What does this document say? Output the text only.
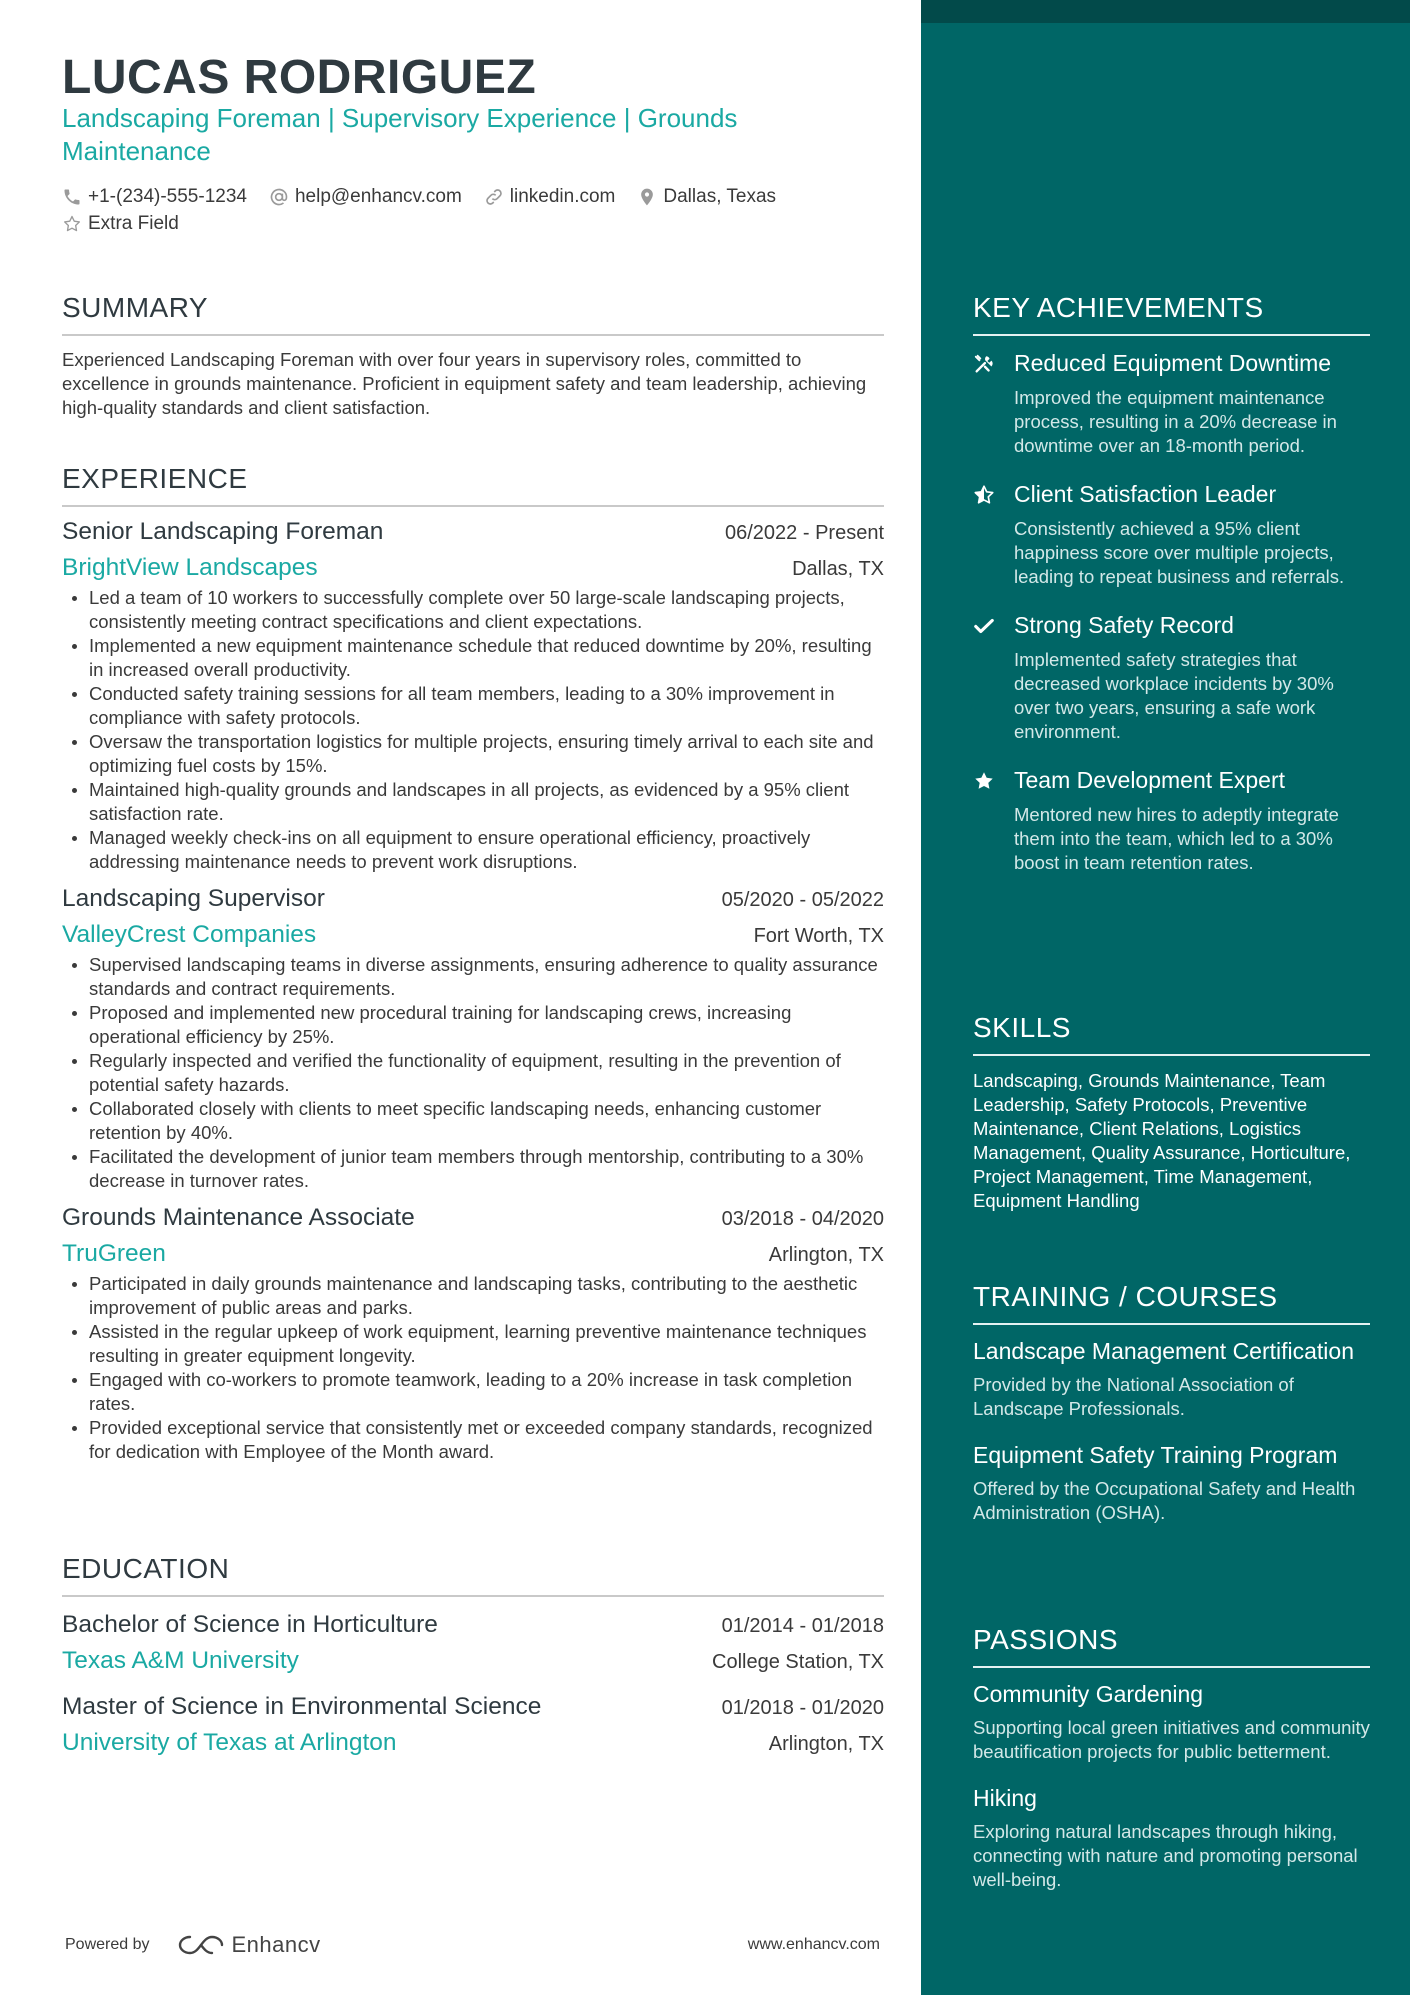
LUCAS RODRIGUEZ
Landscaping Foreman | Supervisory Experience | Grounds Maintenance
+1-(234)-555-1234	help@enhancv.com	linkedin.com	Dallas, Texas
Extra Field
SUMMARY

Experienced Landscaping Foreman with over four years in supervisory roles, committed to excellence in grounds maintenance. Proficient in equipment safety and team leadership, achieving high-quality standards and client satisfaction.

EXPERIENCE
Senior Landscaping Foreman	06/2022 - Present
BrightView Landscapes	Dallas, TX
Led a team of 10 workers to successfully complete over 50 large-scale landscaping projects, consistently meeting contract specifications and client expectations.
Implemented a new equipment maintenance schedule that reduced downtime by 20%, resulting in increased overall productivity.
Conducted safety training sessions for all team members, leading to a 30% improvement in compliance with safety protocols.
Oversaw the transportation logistics for multiple projects, ensuring timely arrival to each site and optimizing fuel costs by 15%.
Maintained high-quality grounds and landscapes in all projects, as evidenced by a 95% client satisfaction rate.
Managed weekly check-ins on all equipment to ensure operational efficiency, proactively addressing maintenance needs to prevent work disruptions.
Landscaping Supervisor	05/2020 - 05/2022
ValleyCrest Companies	Fort Worth, TX
Supervised landscaping teams in diverse assignments, ensuring adherence to quality assurance standards and contract requirements.
Proposed and implemented new procedural training for landscaping crews, increasing operational efficiency by 25%.
Regularly inspected and verified the functionality of equipment, resulting in the prevention of potential safety hazards.
Collaborated closely with clients to meet specific landscaping needs, enhancing customer retention by 40%.
Facilitated the development of junior team members through mentorship, contributing to a 30% decrease in turnover rates.
Grounds Maintenance Associate	03/2018 - 04/2020
TruGreen	Arlington, TX
Participated in daily grounds maintenance and landscaping tasks, contributing to the aesthetic improvement of public areas and parks.
Assisted in the regular upkeep of work equipment, learning preventive maintenance techniques resulting in greater equipment longevity.
Engaged with co-workers to promote teamwork, leading to a 20% increase in task completion rates.
Provided exceptional service that consistently met or exceeded company standards, recognized for dedication with Employee of the Month award.
EDUCATION
Bachelor of Science in Horticulture	01/2014 - 01/2018
Texas A&M University	College Station, TX
Master of Science in Environmental Science	01/2018 - 01/2020
University of Texas at Arlington	Arlington, TX
KEY ACHIEVEMENTS
Reduced Equipment Downtime
Improved the equipment maintenance process, resulting in a 20% decrease in downtime over an 18-month period.
Client Satisfaction Leader
Consistently achieved a 95% client happiness score over multiple projects, leading to repeat business and referrals.
Strong Safety Record
Implemented safety strategies that decreased workplace incidents by 30% over two years, ensuring a safe work environment.
Team Development Expert
Mentored new hires to adeptly integrate them into the team, which led to a 30% boost in team retention rates.
SKILLS
Landscaping, Grounds Maintenance, Team Leadership, Safety Protocols, Preventive Maintenance, Client Relations, Logistics Management, Quality Assurance, Horticulture, Project Management, Time Management, Equipment Handling
TRAINING / COURSES
Landscape Management Certification
Provided by the National Association of Landscape Professionals.
Equipment Safety Training Program
Offered by the Occupational Safety and Health Administration (OSHA).
PASSIONS
Community Gardening
Supporting local green initiatives and community beautification projects for public betterment.
Hiking
Exploring natural landscapes through hiking, connecting with nature and promoting personal well-being.
Powered by	Enhancv	www.enhancv.com
